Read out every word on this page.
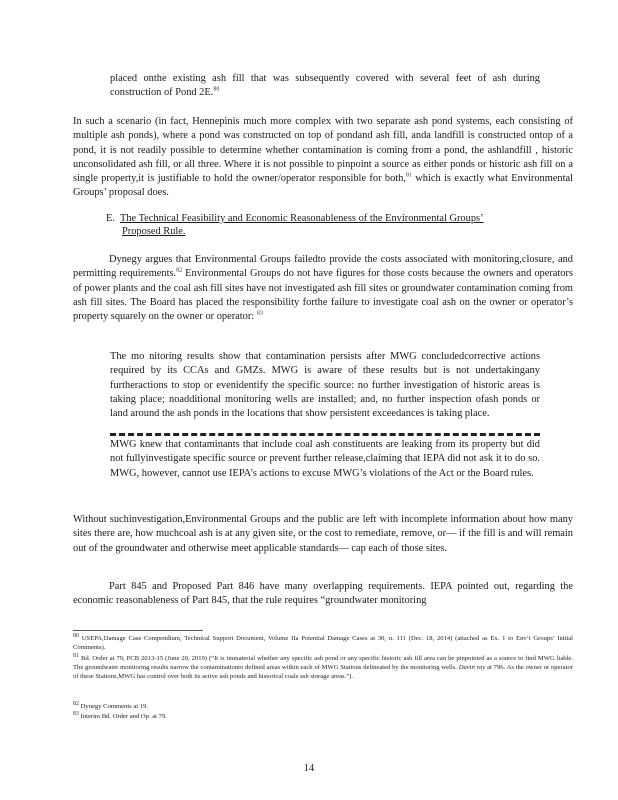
placed onthe existing ash fill that was subsequently covered with several feet of ash during construction of Pond 2E.$^{80}$

In such a scenario (in fact, Hennepinis much more complex with two separate ash pond systems, each consisting of multiple ash ponds), where a pond was constructed on top of pondand ash fill, anda landfill is constructed ontop of a pond, it is not readily possible to determine whether contamination is coming from a pond, the ashlandfill , historic unconsolidated ash fill, or all three. Where it is not possible to pinpoint a source as either ponds or historic ash fill on a single property,it is justifiable to hold the owner/operator responsible for both,$^{81}$ which is exactly what Environmental Groups’ proposal does.

E. The Technical Feasibility and Economic Reasonableness of the Environmental Groups’
Proposed Rule.

Dynegy argues that Environmental Groups failedto provide the costs associated with monitoring,closure, and permitting requirements.$^{82}$ Environmental Groups do not have figures for those costs because the owners and operators of power plants and the coal ash fill sites have not investigated ash fill sites or groundwater contamination coming from ash fill sites. The Board has placed the responsibility forthe failure to investigate coal ash on the owner or operator’s property squarely on the owner or operator: $^{83}$

The mo nitoring results show that contamination persists after MWG concludedcorrective actions required by its CCAs and GMZs. MWG is aware of these results but is not undertakingany furtheractions to stop or evenidentify the specific source: no further investigation of historic areas is taking place; noadditional monitoring wells are installed; and, no further inspection ofash ponds or land around the ash ponds in the locations that show persistent exceedances is taking place.

MWG knew that contaminants that include coal ash constituents are leaking from its property but did not fullyinvestigate specific source or prevent further release,claiming that IEPA did not ask it to do so. MWG, however, cannot use IEPA’s actions to excuse MWG’s violations of the Act or the Board rules.

Without suchinvestigation,Environmental Groups and the public are left with incomplete information about how many sites there are, how muchcoal ash is at any given site, or the cost to remediate, remove, or— if the fill is and will remain out of the groundwater and otherwise meet applicable standards— cap each of those sites.

Part 845 and Proposed Part 846 have many overlapping requirements. IEPA pointed out, regarding the economic reasonableness of Part 845, that the rule requires “groundwater monitoring

80 USEPA,Damage Case Compendium, Technical Support Document, Volume IIa Potential Damage Cases at 30, n. 111 (Dec. 18, 2014) (attached as Ex. 1 to Env’t Groups’ Initial Comments).

81 Bd. Order at 79, PCB 2013-15 (June 20, 2019) (“It is immaterial whether any specific ash pond or any specific historic ash fill area can be pinpointed as a source to find MWG liable. The groundwater monitoring results narrow the contaminationto defined areas within each of MWG Stations delineated by the monitoring wells. Davin ray at 796. As the owner or operator of these Stations,MWG has control over both its active ash ponds and historical coals ash storage areas.”).

82 Dynegy Comments at 19.

83 Interim Bd. Order and Op. at 79.

14
